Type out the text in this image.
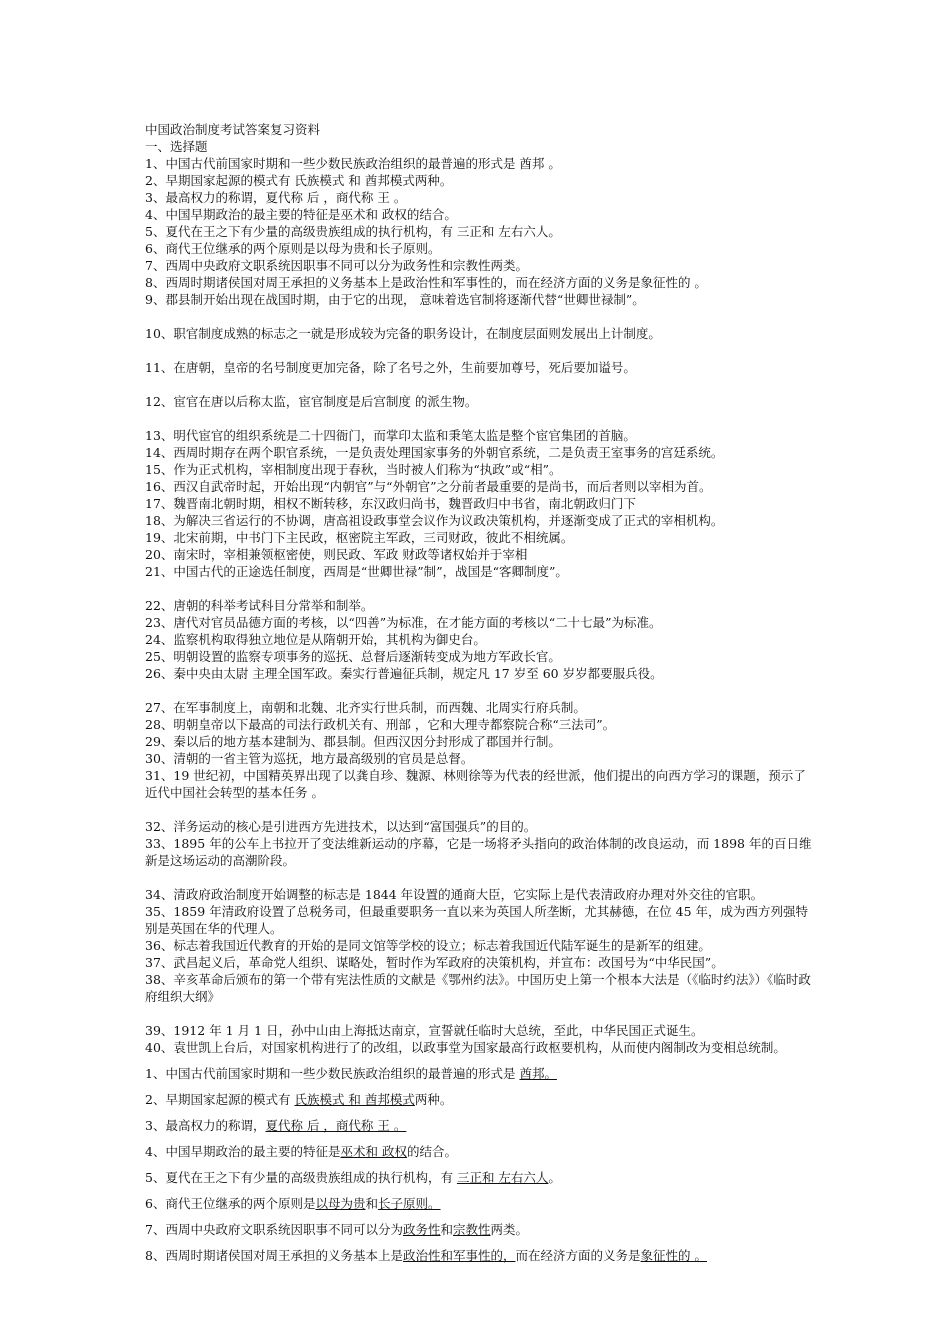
中国政治制度考试答案复习资料
一、选择题
1、中国古代前国家时期和一些少数民族政治组织的最普遍的形式是 酋邦 。
2、早期国家起源的模式有 氏族模式 和 酋邦模式两种。
3、最高权力的称谓，夏代称 后 ，商代称 王 。
4、中国早期政治的最主要的特征是巫术和 政权的结合。
5、夏代在王之下有少量的高级贵族组成的执行机构，有 三正和 左右六人。
6、商代王位继承的两个原则是以母为贵和长子原则。
7、西周中央政府文职系统因职事不同可以分为政务性和宗教性两类。
8、西周时期诸侯国对周王承担的义务基本上是政治性和军事性的，而在经济方面的义务是象征性的 。
9、郡县制开始出现在战国时期，由于它的出现， 意味着选官制将逐渐代替“世卿世禄制”。
10、职官制度成熟的标志之一就是形成较为完备的职务设计，在制度层面则发展出上计制度。
11、在唐朝，皇帝的名号制度更加完备，除了名号之外，生前要加尊号，死后要加谥号。
12、宦官在唐以后称太监，宦官制度是后宫制度 的派生物。
13、明代宦官的组织系统是二十四衙门，而掌印太监和秉笔太监是整个宦官集团的首脑。
14、西周时期存在两个职官系统，一是负责处理国家事务的外朝官系统，二是负责王室事务的宫廷系统。
15、作为正式机构，宰相制度出现于春秋，当时被人们称为“执政”或“相”。
16、西汉自武帝时起，开始出现“内朝官”与“外朝官”之分前者最重要的是尚书，而后者则以宰相为首。
17、魏晋南北朝时期，相权不断转移，东汉政归尚书，魏晋政归中书省，南北朝政归门下
18、为解决三省运行的不协调，唐高祖设政事堂会议作为议政决策机构，并逐渐变成了正式的宰相机构。
19、北宋前期，中书门下主民政，枢密院主军政，三司财政，彼此不相统属。
20、南宋时，宰相兼领枢密使，则民政、军政 财政等诸权始并于宰相
21、中国古代的正途选任制度，西周是“世卿世禄”制”，战国是“客卿制度”。
22、唐朝的科举考试科目分常举和制举。
23、唐代对官员品德方面的考核，以“四善”为标准，在才能方面的考核以“二十七最”为标准。
24、监察机构取得独立地位是从隋朝开始，其机构为御史台。
25、明朝设置的监察专项事务的巡抚、总督后逐渐转变成为地方军政长官。
26、秦中央由太尉 主理全国军政。秦实行普遍征兵制，规定凡 17 岁至 60 岁岁都要服兵役。
27、在军事制度上，南朝和北魏、北齐实行世兵制，而西魏、北周实行府兵制。
28、明朝皇帝以下最高的司法行政机关有、刑部 ，它和大理寺都察院合称“三法司”。
29、秦以后的地方基本建制为、郡县制。但西汉因分封形成了郡国并行制。
30、清朝的一省主管为巡抚，地方最高级别的官员是总督。
31、19 世纪初，中国精英界出现了以龚自珍、魏源、林则徐等为代表的经世派，他们提出的向西方学习的课题，预示了近代中国社会转型的基本任务 。
32、洋务运动的核心是引进西方先进技术，以达到“富国强兵”的目的。
33、1895 年的公车上书拉开了变法维新运动的序幕，它是一场将矛头指向的政治体制的改良运动，而 1898 年的百日维新是这场运动的高潮阶段。
34、清政府政治制度开始调整的标志是 1844 年设置的通商大臣，它实际上是代表清政府办理对外交往的官职。
35、1859 年清政府设置了总税务司，但最重要职务一直以来为英国人所垄断，尤其赫德，在位 45 年，成为西方列强特别是英国在华的代理人。
36、标志着我国近代教育的开始的是同文馆等学校的设立；标志着我国近代陆军诞生的是新军的组建。
37、武昌起义后，革命党人组织、谋略处，暂时作为军政府的决策机构，并宣布：改国号为“中华民国”。
38、辛亥革命后颁布的第一个带有宪法性质的文献是《鄂州约法》。中国历史上第一个根本大法是（《临时约法》）《临时政府组织大纲》
39、1912 年 1 月 1 日，孙中山由上海抵达南京，宣誓就任临时大总统，至此，中华民国正式诞生。
40、袁世凯上台后，对国家机构进行了的改组，以政事堂为国家最高行政枢要机构，从而使内阁制改为变相总统制。
1、中国古代前国家时期和一些少数民族政治组织的最普遍的形式是 酋邦。
2、早期国家起源的模式有 氏族模式 和 酋邦模式两种。
3、最高权力的称谓，夏代称 后 ，商代称 王 。
4、中国早期政治的最主要的特征是巫术和 政权的结合。
5、夏代在王之下有少量的高级贵族组成的执行机构，有 三正和 左右六人。
6、商代王位继承的两个原则是以母为贵和长子原则。
7、西周中央政府文职系统因职事不同可以分为政务性和宗教性两类。
8、西周时期诸侯国对周王承担的义务基本上是政治性和军事性的，而在经济方面的义务是象征性的 。
